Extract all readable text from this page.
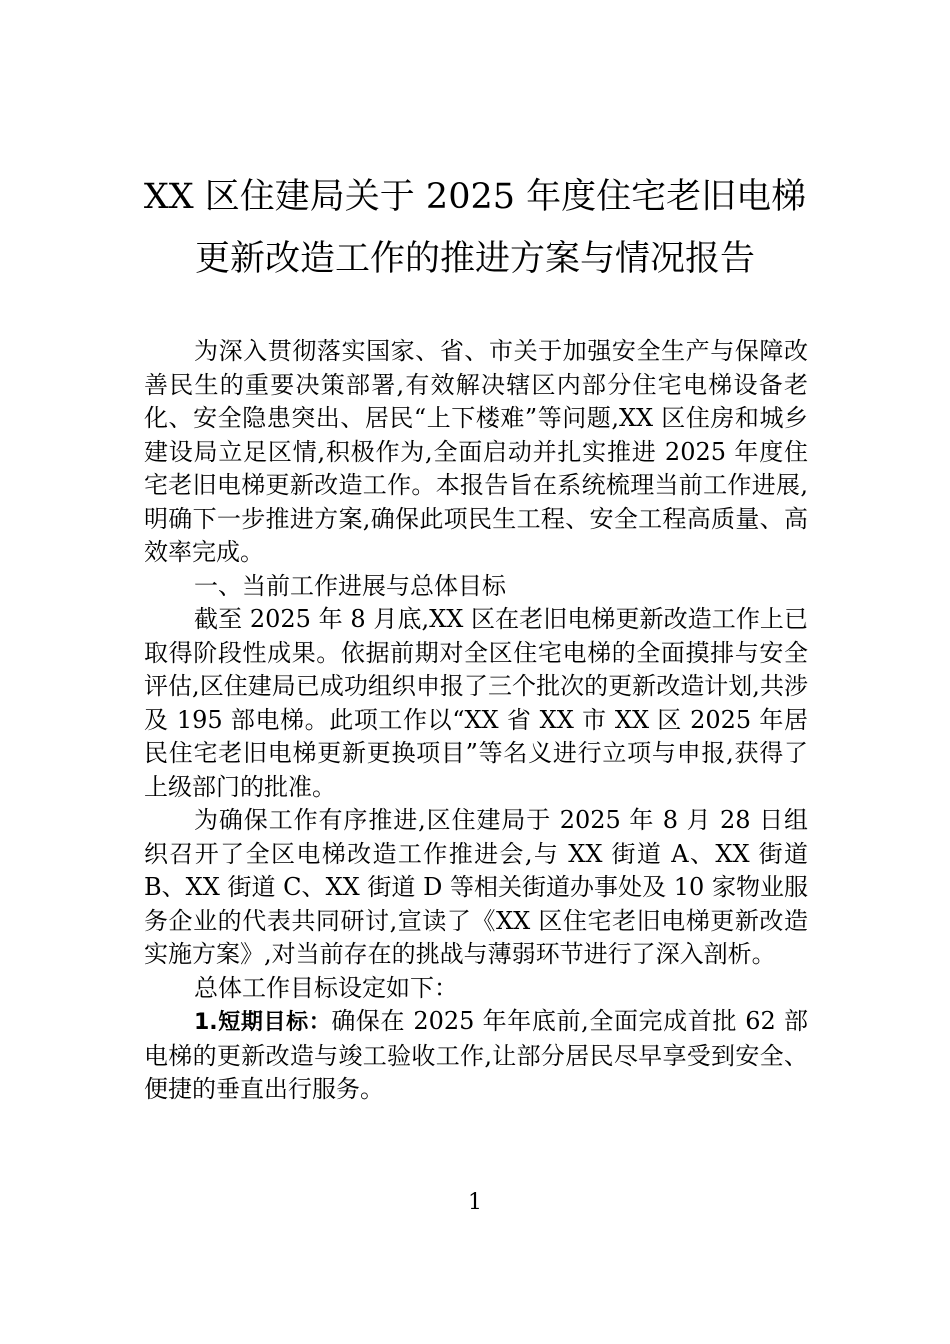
XX 区住建局关于 2025 年度住宅老旧电梯
更新改造工作的推进方案与情况报告

为深入贯彻落实国家、省、市关于加强安全生产与保障改善民生的重要决策部署,有效解决辖区内部分住宅电梯设备老化、安全隐患突出、居民“上下楼难”等问题,XX 区住房和城乡建设局立足区情,积极作为,全面启动并扎实推进 2025 年度住宅老旧电梯更新改造工作。本报告旨在系统梳理当前工作进展,明确下一步推进方案,确保此项民生工程、安全工程高质量、高效率完成。

一、当前工作进展与总体目标

截至 2025 年 8 月底,XX 区在老旧电梯更新改造工作上已取得阶段性成果。依据前期对全区住宅电梯的全面摸排与安全评估,区住建局已成功组织申报了三个批次的更新改造计划,共涉及 195 部电梯。此项工作以“XX 省 XX 市 XX 区 2025 年居民住宅老旧电梯更新更换项目”等名义进行立项与申报,获得了上级部门的批准。

为确保工作有序推进,区住建局于 2025 年 8 月 28 日组织召开了全区电梯改造工作推进会,与 XX 街道 A、XX 街道 B、XX 街道 C、XX 街道 D 等相关街道办事处及 10 家物业服务企业的代表共同研讨,宣读了《XX 区住宅老旧电梯更新改造实施方案》,对当前存在的挑战与薄弱环节进行了深入剖析。

总体工作目标设定如下：

1.短期目标：确保在 2025 年年底前,全面完成首批 62 部电梯的更新改造与竣工验收工作,让部分居民尽早享受到安全、便捷的垂直出行服务。

1
